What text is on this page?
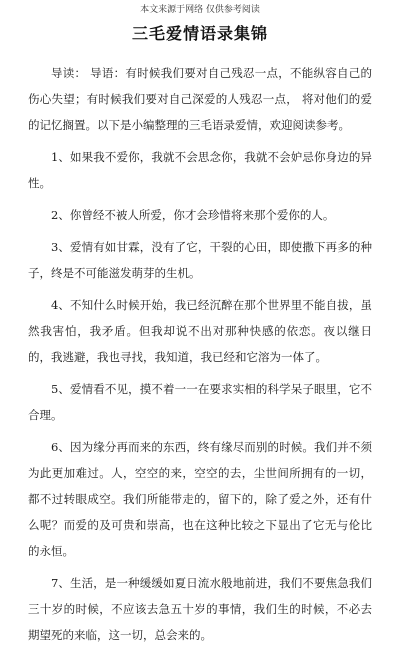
本文来源于网络 仅供参考阅读
三毛爱情语录集锦

导读： 导语：有时候我们要对自己残忍一点，不能纵容自己的伤心失望；有时候我们要对自己深爱的人残忍一点， 将对他们的爱的记忆搁置。以下是小编整理的三毛语录爱情，欢迎阅读参考。

1、如果我不爱你，我就不会思念你，我就不会妒忌你身边的异性。

2、你曾经不被人所爱，你才会珍惜将来那个爱你的人。

3、爱情有如甘霖，没有了它，干裂的心田，即使撒下再多的种子，终是不可能滋发萌芽的生机。

4、不知什么时候开始，我已经沉醉在那个世界里不能自拔，虽然我害怕，我矛盾。但我却说不出对那种快感的依恋。夜以继日的，我逃避，我也寻找，我知道，我已经和它溶为一体了。

5、爱情看不见，摸不着一一在要求实相的科学呆子眼里，它不合理。

6、因为缘分再而来的东西，终有缘尽而别的时候。我们并不须为此更加难过。人，空空的来，空空的去，尘世间所拥有的一切，都不过转眼成空。我们所能带走的，留下的，除了爱之外，还有什么呢？而爱的及可贵和崇高，也在这种比较之下显出了它无与伦比的永恒。

7、生活，是一种缓缓如夏日流水般地前进，我们不要焦急我们三十岁的时候，不应该去急五十岁的事情，我们生的时候，不必去期望死的来临，这一切，总会来的。
